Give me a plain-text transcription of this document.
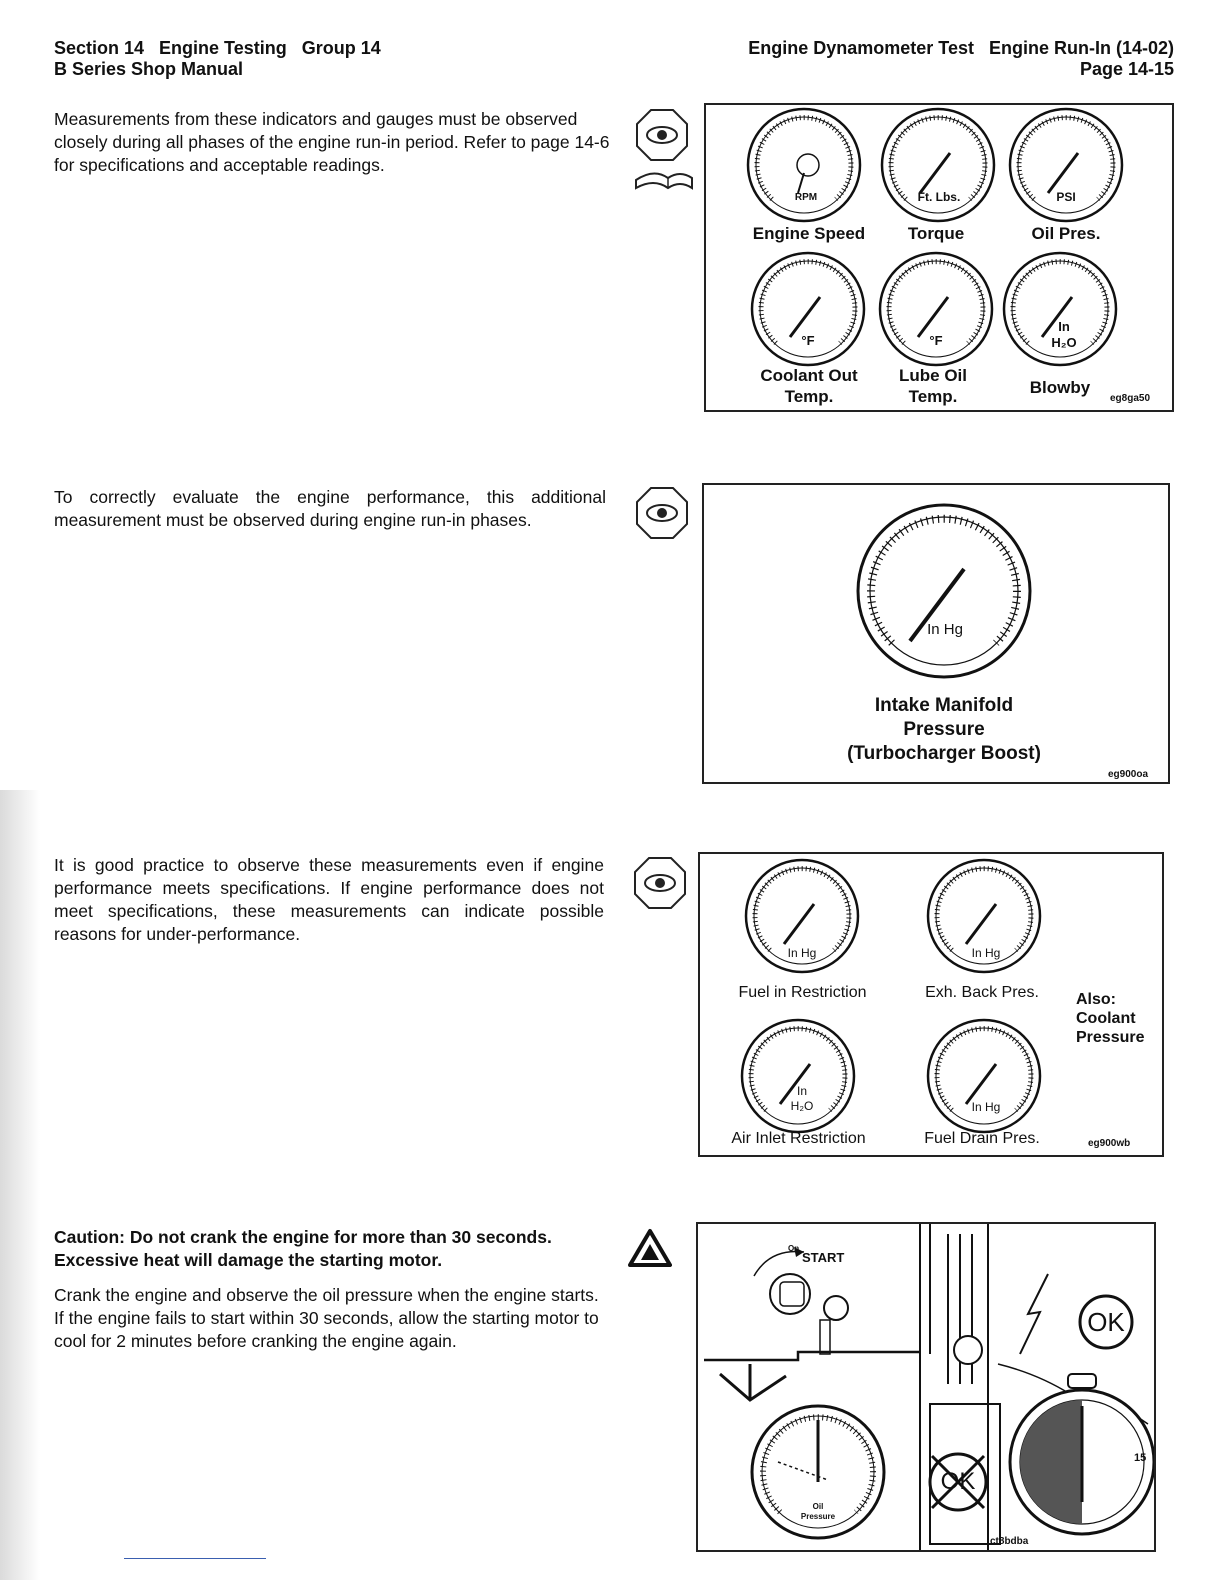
Section 14   Engine Testing   Group 14
B Series Shop Manual
Engine Dynamometer Test   Engine Run-In (14-02)
Page 14-15
Measurements from these indicators and gauges must be observed closely during all phases of the engine run-in period. Refer to page 14-6 for specifications and acceptable readings.
RPM	Ft. Lbs.	PSI
°F	°F
In
H₂O
Engine Speed	Torque	Oil Pres.
Coolant Out
Temp.
Lube Oil
Temp.	Blowby
eg8ga50
To correctly evaluate the engine performance, this additional measurement must be observed during engine run-in phases.
In Hg
Intake Manifold
Pressure
(Turbocharger Boost)
eg900oa
It is good practice to observe these measurements even if engine performance meets specifications. If engine performance does not meet specifications, these measurements can indicate possible reasons for under-performance.
In Hg	In Hg
In
H₂O	In Hg
Fuel in Restriction	Exh. Back Pres.
Air Inlet Restriction	Fuel Drain Pres.
Also:
Coolant
Pressure
eg900wb
Caution: Do not crank the engine for more than 30 seconds. Excessive heat will damage the starting motor.
Crank the engine and observe the oil pressure when the engine starts. If the engine fails to start within 30 seconds, allow the starting motor to cool for 2 minutes before cranking the engine again.
START
On
Oil
Pressure
OK
OK
15
ct8bdba
